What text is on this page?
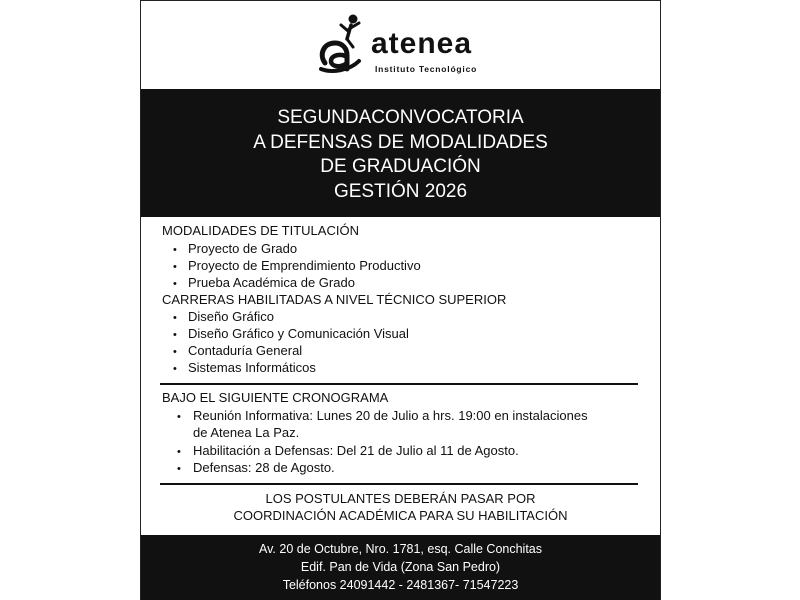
atenea
Instituto Tecnológico
SEGUNDACONVOCATORIA
A DEFENSAS DE MODALIDADES
DE GRADUACIÓN
GESTIÓN 2026
MODALIDADES DE TITULACIÓN
• Proyecto de Grado
• Proyecto de Emprendimiento Productivo
• Prueba Académica de Grado
CARRERAS HABILITADAS A NIVEL TÉCNICO SUPERIOR
• Diseño Gráfico
• Diseño Gráfico y Comunicación Visual
• Contaduría General
• Sistemas Informáticos
BAJO EL SIGUIENTE CRONOGRAMA
• Reunión Informativa: Lunes 20 de Julio a hrs. 19:00 en instalaciones
de Atenea La Paz.
• Habilitación a Defensas: Del 21 de Julio al 11 de Agosto.
• Defensas: 28 de Agosto.
LOS POSTULANTES DEBERÁN PASAR POR
COORDINACIÓN ACADÉMICA PARA SU HABILITACIÓN
Av. 20 de Octubre, Nro. 1781, esq. Calle Conchitas
Edif. Pan de Vida (Zona San Pedro)
Teléfonos 24091442 - 2481367- 71547223
